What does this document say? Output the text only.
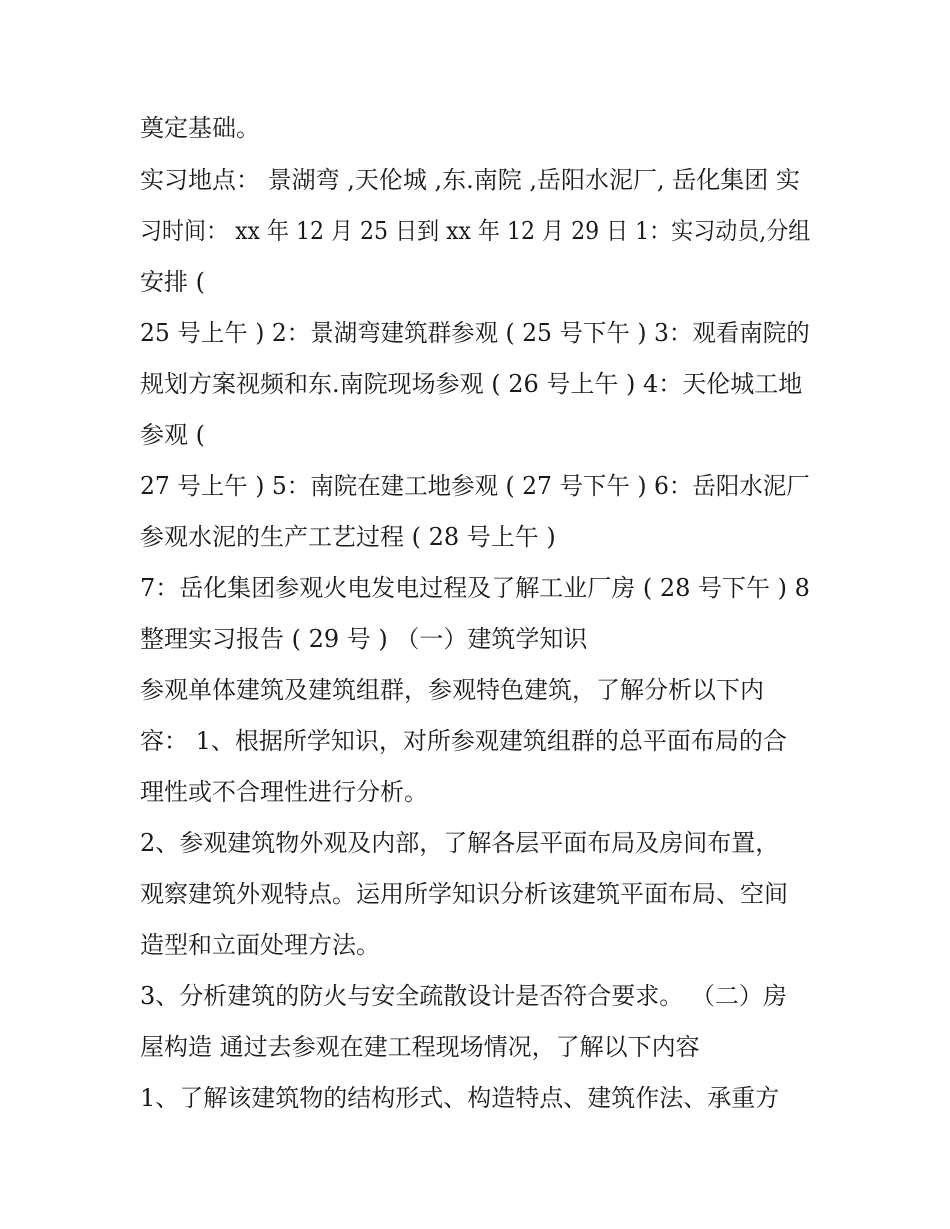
奠定基础。

实习地点： 景湖弯 ,天伦城 ,东.南院 ,岳阳水泥厂, 岳化集团 实

习时间： xx 年 12 月 25 日到 xx 年 12 月 29 日 1：实习动员,分组

安排 (

25 号上午 ) 2：景湖弯建筑群参观 ( 25 号下午 ) 3：观看南院的

规划方案视频和东.南院现场参观 ( 26 号上午 ) 4：天伦城工地

参观 (

27 号上午 ) 5：南院在建工地参观 ( 27 号下午 ) 6：岳阳水泥厂

参观水泥的生产工艺过程 ( 28 号上午 )

7：岳化集团参观火电发电过程及了解工业厂房 ( 28 号下午 ) 8

整理实习报告 ( 29 号 ) （一）建筑学知识

参观单体建筑及建筑组群，参观特色建筑，了解分析以下内

容： 1、根据所学知识，对所参观建筑组群的总平面布局的合

理性或不合理性进行分析。

2、参观建筑物外观及内部，了解各层平面布局及房间布置，

观察建筑外观特点。运用所学知识分析该建筑平面布局、空间

造型和立面处理方法。

3、分析建筑的防火与安全疏散设计是否符合要求。 （二）房

屋构造 通过去参观在建工程现场情况，了解以下内容

1、了解该建筑物的结构形式、构造特点、建筑作法、承重方
